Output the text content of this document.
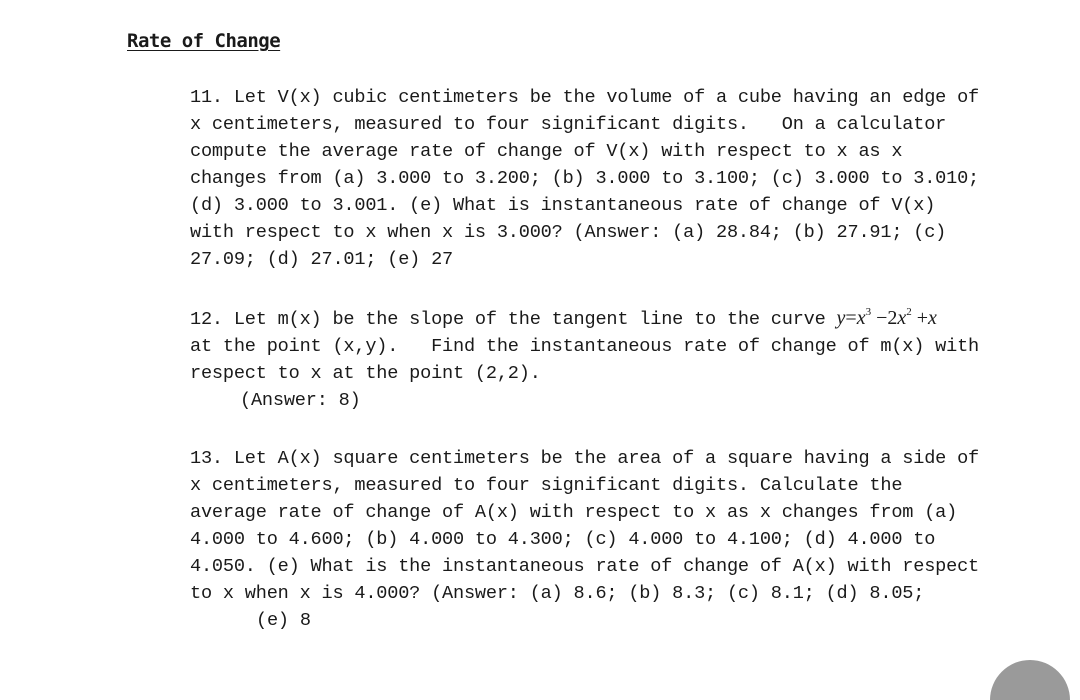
Rate of Change
11. Let V(x) cubic centimeters be the volume of a cube having an edge of
x centimeters, measured to four significant digits.   On a calculator
compute the average rate of change of V(x) with respect to x as x
changes from (a) 3.000 to 3.200; (b) 3.000 to 3.100; (c) 3.000 to 3.010;
(d) 3.000 to 3.001. (e) What is instantaneous rate of change of V(x)
with respect to x when x is 3.000? (Answer: (a) 28.84; (b) 27.91; (c)
27.09; (d) 27.01; (e) 27
12. Let m(x) be the slope of the tangent line to the curve $y=x^3 -2x^2 +x$
at the point (x,y).   Find the instantaneous rate of change of m(x) with
respect to x at the point (2,2).
(Answer: 8)
13. Let A(x) square centimeters be the area of a square having a side of
x centimeters, measured to four significant digits. Calculate the
average rate of change of A(x) with respect to x as x changes from (a)
4.000 to 4.600; (b) 4.000 to 4.300; (c) 4.000 to 4.100; (d) 4.000 to
4.050. (e) What is the instantaneous rate of change of A(x) with respect
to x when x is 4.000? (Answer: (a) 8.6; (b) 8.3; (c) 8.1; (d) 8.05;
(e) 8
